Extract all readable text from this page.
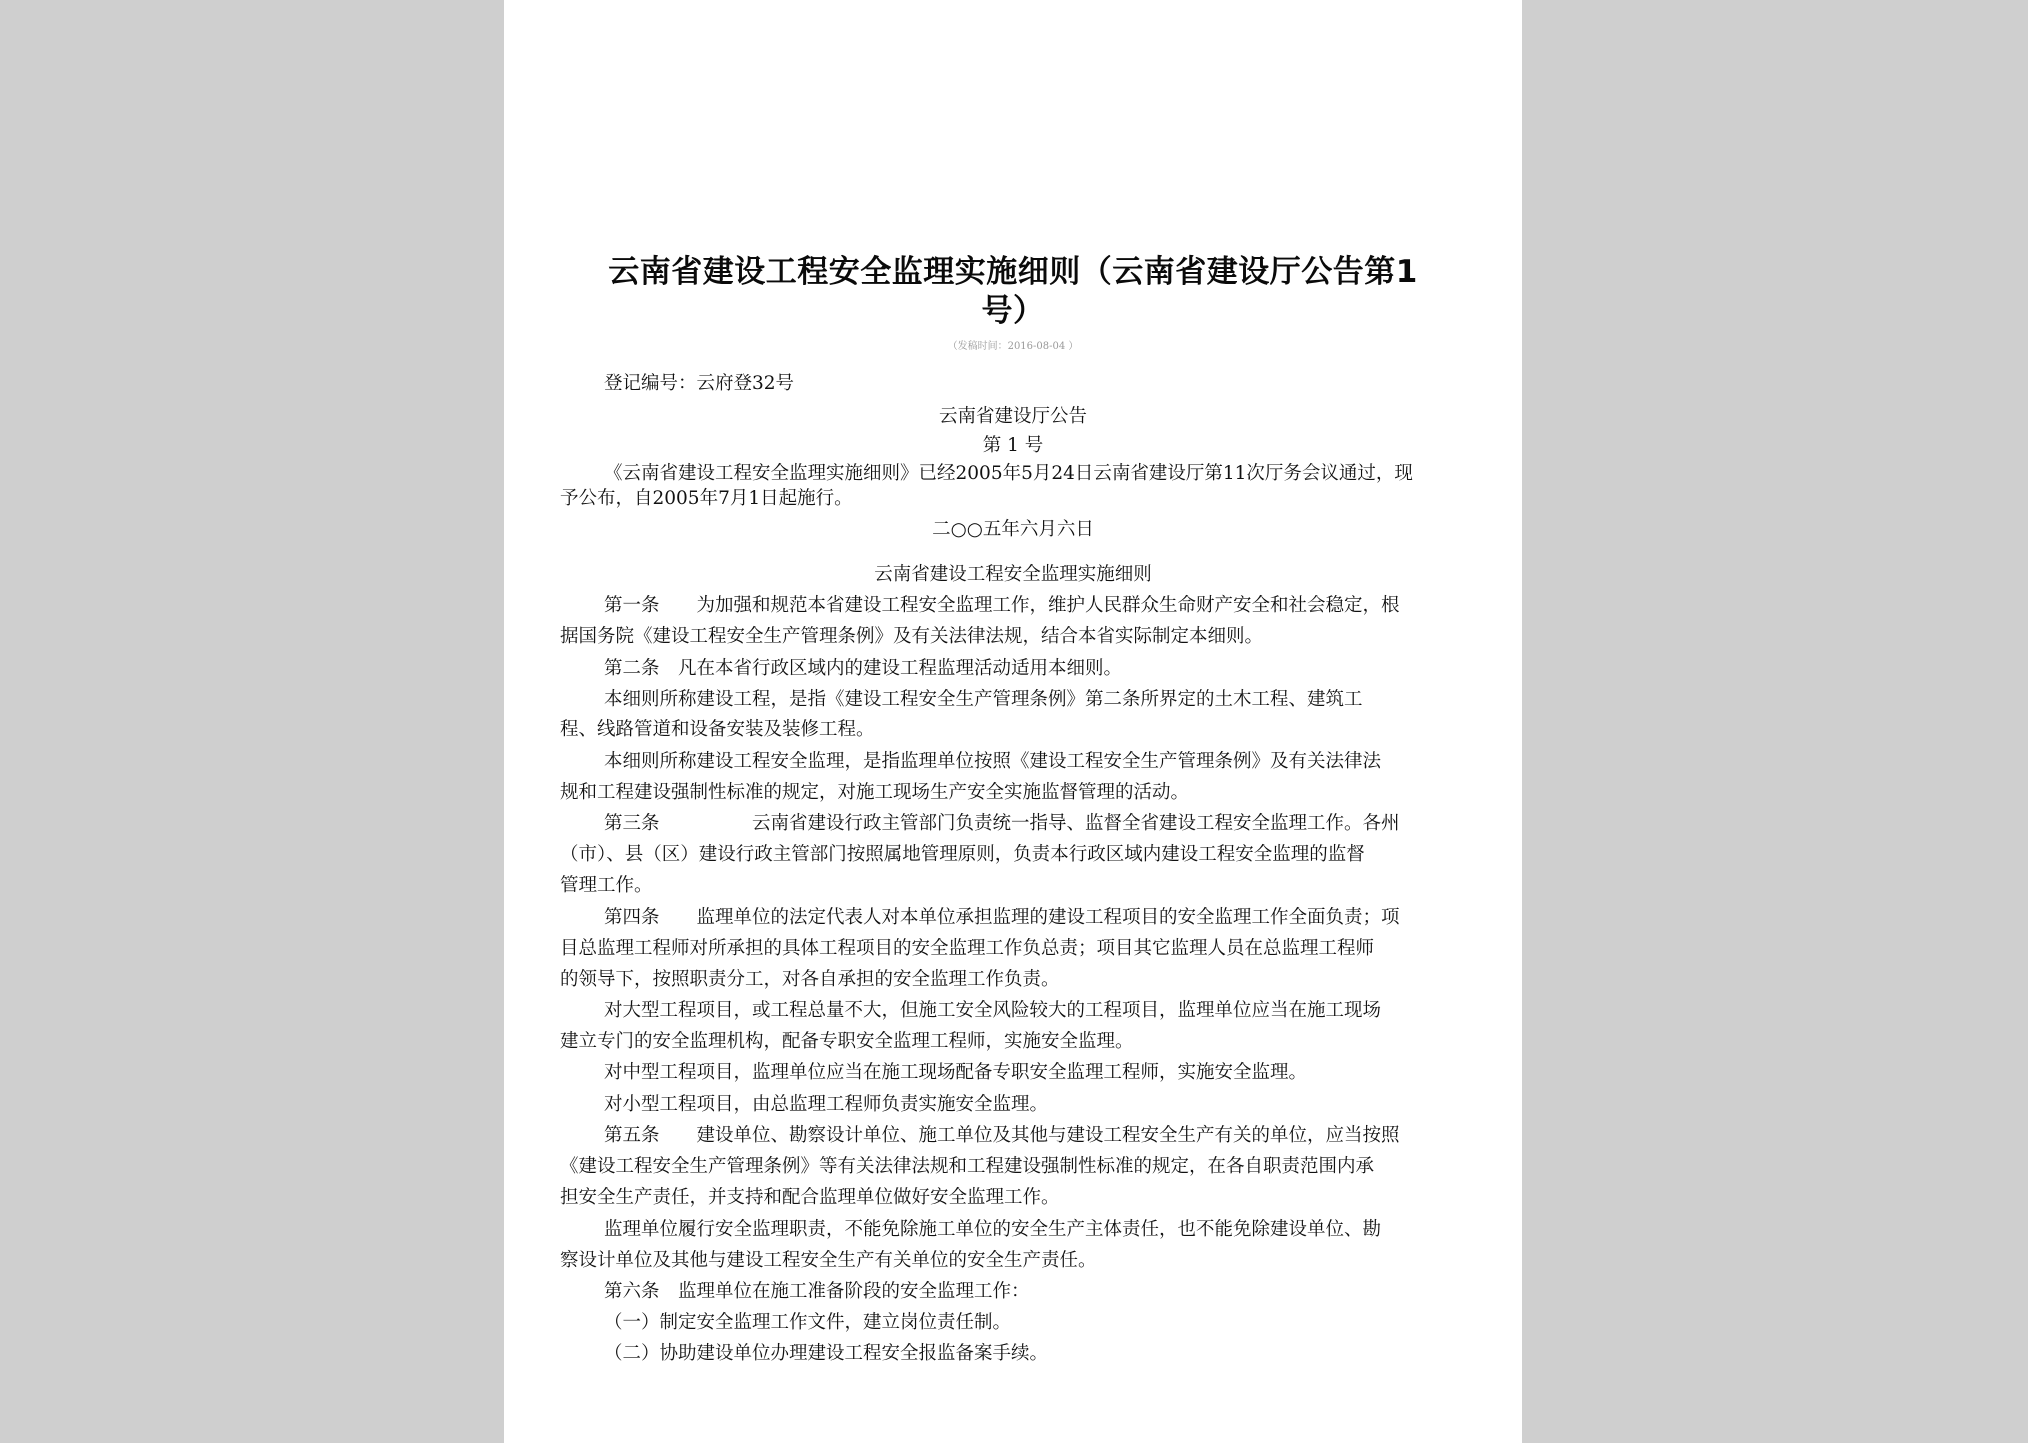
云南省建设工程安全监理实施细则（云南省建设厅公告第1
号）
（发稿时间：2016-08-04 ）
登记编号：云府登32号
云南省建设厅公告
第 1 号
《云南省建设工程安全监理实施细则》已经2005年5月24日云南省建设厅第11次厅务会议通过，现
予公布，自2005年7月1日起施行。
二○○五年六月六日
云南省建设工程安全监理实施细则
第一条　　为加强和规范本省建设工程安全监理工作，维护人民群众生命财产安全和社会稳定，根
据国务院《建设工程安全生产管理条例》及有关法律法规，结合本省实际制定本细则。
第二条　凡在本省行政区域内的建设工程监理活动适用本细则。
本细则所称建设工程，是指《建设工程安全生产管理条例》第二条所界定的土木工程、建筑工
程、线路管道和设备安装及装修工程。
本细则所称建设工程安全监理，是指监理单位按照《建设工程安全生产管理条例》及有关法律法
规和工程建设强制性标准的规定，对施工现场生产安全实施监督管理的活动。
第三条　　　　　云南省建设行政主管部门负责统一指导、监督全省建设工程安全监理工作。各州
（市）、县（区）建设行政主管部门按照属地管理原则，负责本行政区域内建设工程安全监理的监督
管理工作。
第四条　　监理单位的法定代表人对本单位承担监理的建设工程项目的安全监理工作全面负责；项
目总监理工程师对所承担的具体工程项目的安全监理工作负总责；项目其它监理人员在总监理工程师
的领导下，按照职责分工，对各自承担的安全监理工作负责。
对大型工程项目，或工程总量不大，但施工安全风险较大的工程项目，监理单位应当在施工现场
建立专门的安全监理机构，配备专职安全监理工程师，实施安全监理。
对中型工程项目，监理单位应当在施工现场配备专职安全监理工程师，实施安全监理。
对小型工程项目，由总监理工程师负责实施安全监理。
第五条　　建设单位、勘察设计单位、施工单位及其他与建设工程安全生产有关的单位，应当按照
《建设工程安全生产管理条例》等有关法律法规和工程建设强制性标准的规定，在各自职责范围内承
担安全生产责任，并支持和配合监理单位做好安全监理工作。
监理单位履行安全监理职责，不能免除施工单位的安全生产主体责任，也不能免除建设单位、勘
察设计单位及其他与建设工程安全生产有关单位的安全生产责任。
第六条　监理单位在施工准备阶段的安全监理工作：
（一）制定安全监理工作文件，建立岗位责任制。
（二）协助建设单位办理建设工程安全报监备案手续。
